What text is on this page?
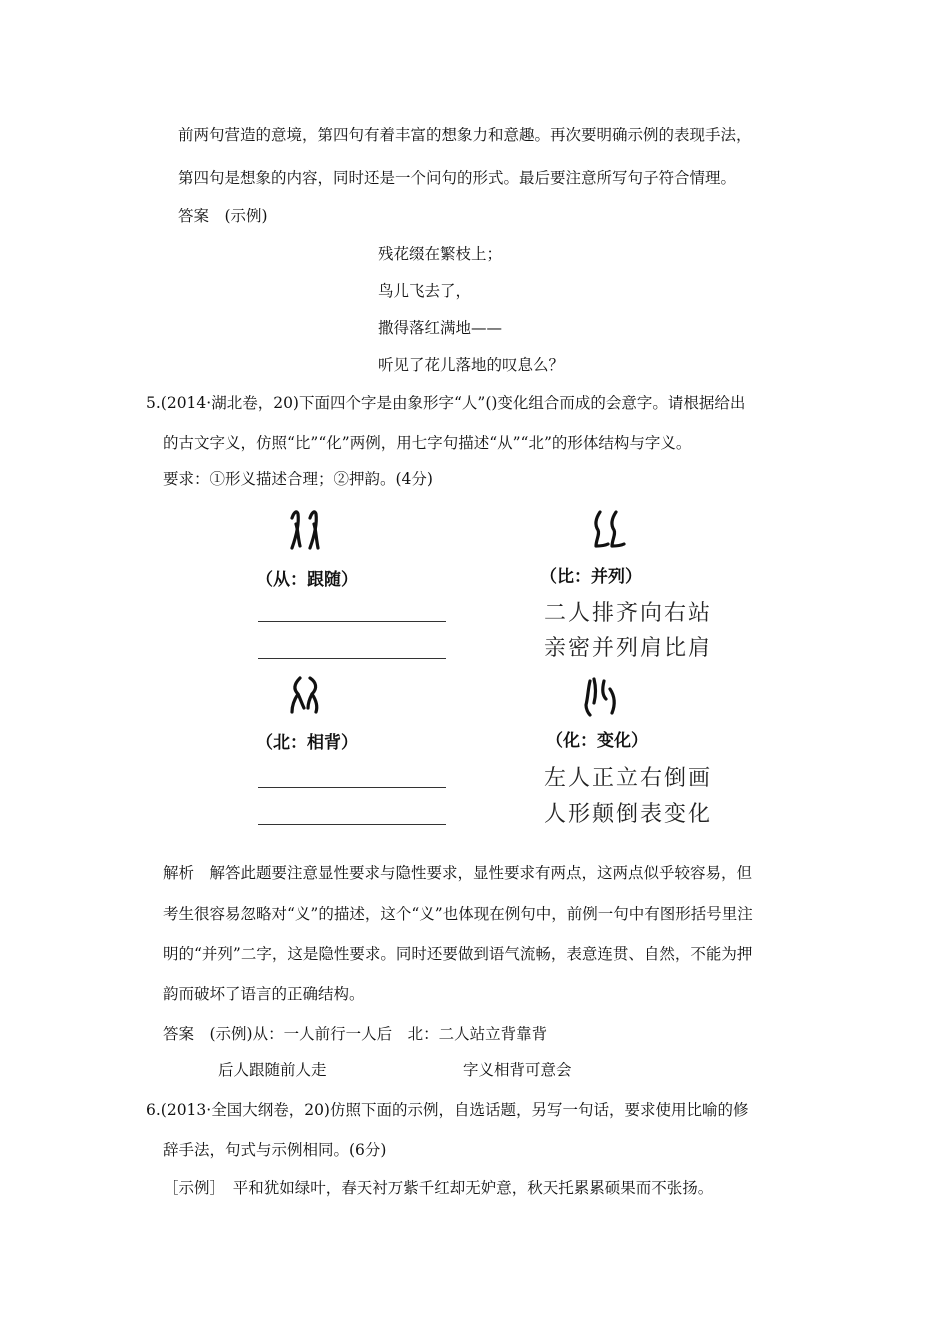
前两句营造的意境，第四句有着丰富的想象力和意趣。再次要明确示例的表现手法，
第四句是想象的内容，同时还是一个问句的形式。最后要注意所写句子符合情理。
答案　(示例)
残花缀在繁枝上；
鸟儿飞去了，
撒得落红满地——
听见了花儿落地的叹息么？
5.(2014·湖北卷，20)下面四个字是由象形字“人”()变化组合而成的会意字。请根据给出
的古文字义，仿照“比”“化”两例，用七字句描述“从”“北”的形体结构与字义。
要求：①形义描述合理；②押韵。(4分)
（从：跟随）	（比：并列）
二人排齐向右站
亲密并列肩比肩
（北：相背）	（化：变化）
左人正立右倒画
人形颠倒表变化
解析　解答此题要注意显性要求与隐性要求，显性要求有两点，这两点似乎较容易，但
考生很容易忽略对“义”的描述，这个“义”也体现在例句中，前例一句中有图形括号里注
明的“并列”二字，这是隐性要求。同时还要做到语气流畅，表意连贯、自然，不能为押
韵而破坏了语言的正确结构。
答案　(示例)从：一人前行一人后　北：二人站立背靠背
后人跟随前人走	字义相背可意会
6.(2013·全国大纲卷，20)仿照下面的示例，自选话题，另写一句话，要求使用比喻的修
辞手法，句式与示例相同。(6分)
［示例］　平和犹如绿叶，春天衬万紫千红却无妒意，秋天托累累硕果而不张扬。
